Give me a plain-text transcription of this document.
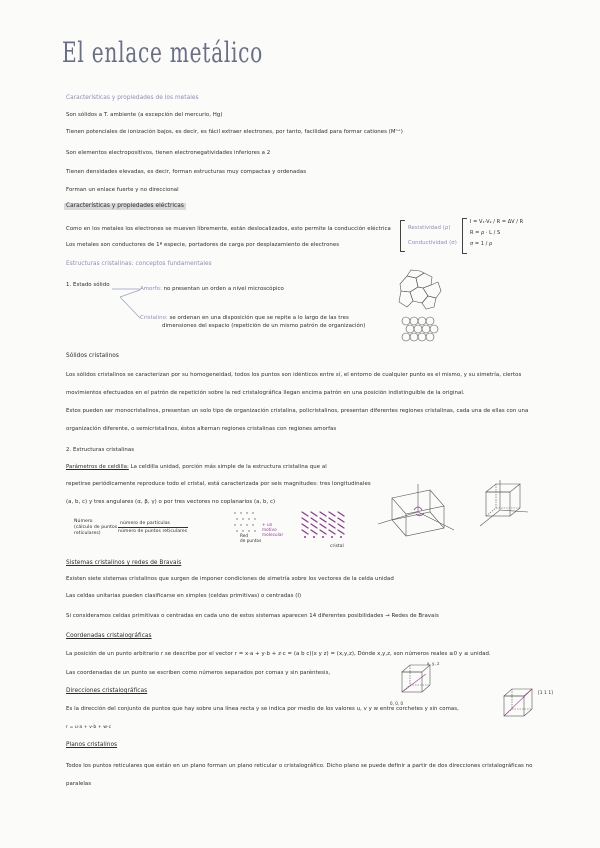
El enlace metálico
Características y propiedades de los metales
Son sólidos a T. ambiente (a excepción del mercurio, Hg)
Tienen potenciales de ionización bajos, es decir, es fácil extraer electrones, por tanto, facilidad para formar cationes (Mⁿ⁺)
Son elementos electropositivos, tienen electronegatividades inferiores a 2
Tienen densidades elevadas, es decir, forman estructuras muy compactas y ordenadas
Forman un enlace fuerte y no direccional
Características y propiedades eléctricas
Como en los metales los electrones se mueven libremente, están deslocalizados, esto permite la conducción eléctrica
Los metales son conductores de 1ª especie, portadores de carga por desplazamiento de electrones
Resistividad (ρ)
Conductividad (σ)
I = V₁-V₂ / R = ΔV / R
R = ρ · L / S
σ = 1 / ρ
Estructuras cristalinas: conceptos fundamentales
1. Estado sólido
Amorfo: no presentan un orden a nivel microscópico
Cristalino: se ordenan en una disposición que se repite a lo largo de las tres
dimensiones del espacio (repetición de un mismo patrón de organización)
Sólidos cristalinos
Los sólidos cristalinos se caracterizan por su homogeneidad, todos los puntos son idénticos entre sí, el entorno de cualquier punto es el mismo, y su simetría, ciertos
movimientos efectuados en el patrón de repetición sobre la red cristalográfica llegan encima patrón en una posición indistinguible de la original.
Estos pueden ser monocristalinos, presentan un solo tipo de organización cristalina, policristalinos, presentan diferentes regiones cristalinas, cada una de ellas con una
organización diferente, o semicristalinos, éstos alternan regiones cristalinas con regiones amorfas
2. Estructuras cristalinas
Parámetros de celdilla: La celdilla unidad, porción más simple de la estructura cristalina que al
repetirse periódicamente reproduce todo el cristal, está caracterizada por seis magnitudes: tres longitudinales
(a, b, c) y tres angulares (α, β, γ) o por tres vectores no coplanarios (a, b, c)
Número
(cálculo de puntos
reticulares)
número de partículas
número de puntos reticulares
Red
de puntos
+ un
motivo
molecular
cristal
Sistemas cristalinos y redes de Bravais
Existen siete sistemas cristalinos que surgen de imponer condiciones de simetría sobre los vectores de la celda unidad
Las celdas unitarias pueden clasificarse en simples (celdas primitivas) o centradas (I)
Si consideramos celdas primitivas o centradas en cada uno de estos sistemas aparecen 14 diferentes posibilidades → Redes de Bravais
Coordenadas cristalográficas
La posición de un punto arbitrario r se describe por el vector r = x·a + y·b + z·c = (a b c)(x y z) = (x,y,z), Dónde x,y,z, son números reales ≥0 y ≤ unidad.
Las coordenadas de un punto se escriben como números separados por comas y sin paréntesis,
x, y, z
0, 0, 0
Direcciones cristalográficas
Es la dirección del conjunto de puntos que hay sobre una línea recta y se indica por medio de los valores u, v y w entre corchetes y sin comas,
r = u·a + v·b + w·c
[1 1 1]
Planos cristalinos
Todos los puntos reticulares que están en un plano forman un plano reticular o cristalográfico. Dicho plano se puede definir a partir de dos direcciones cristalográficas no
paralelas
